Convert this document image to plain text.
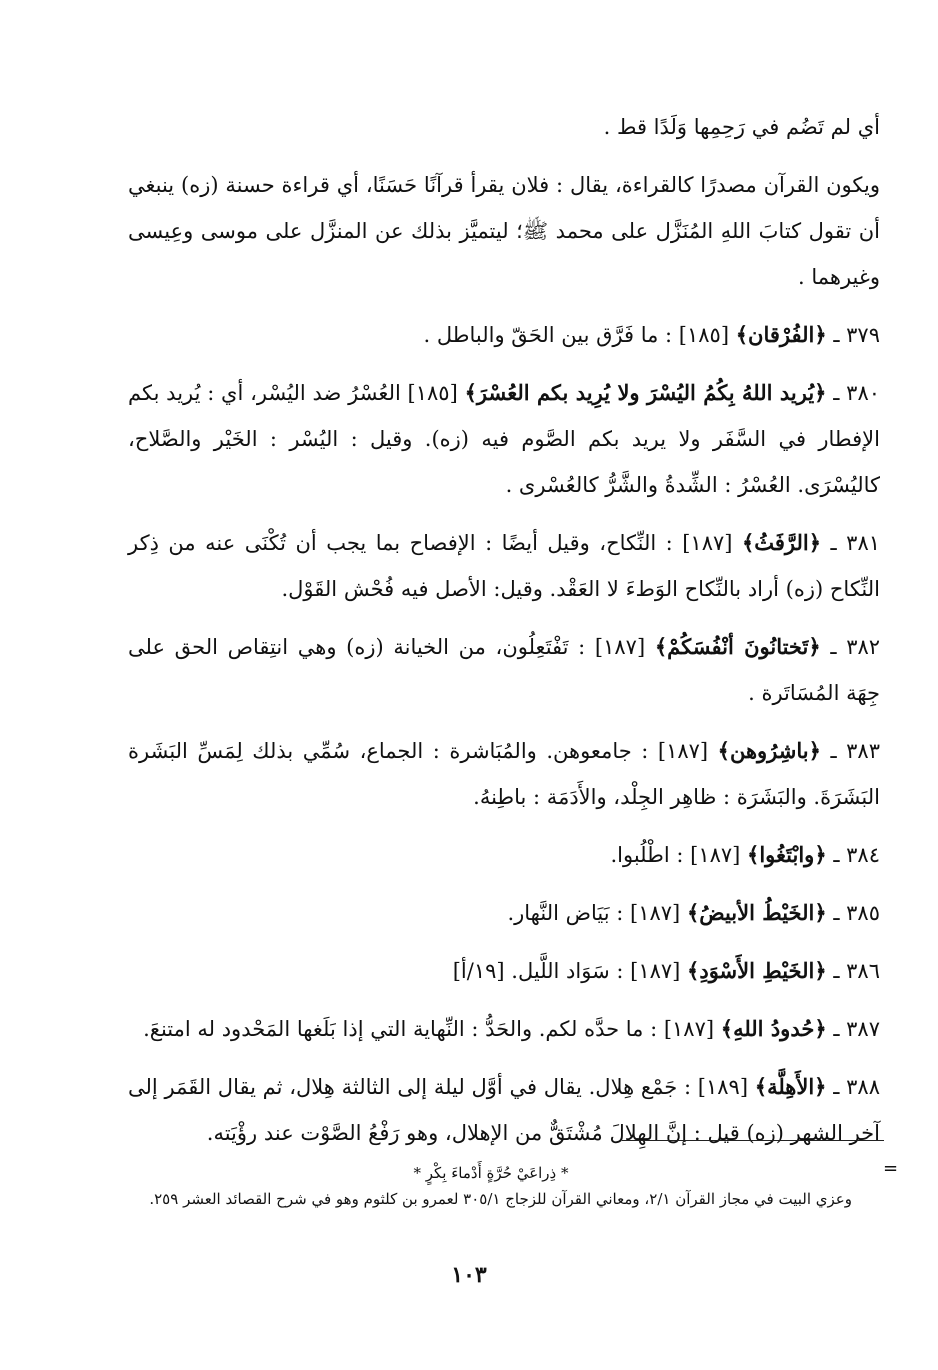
أي لم تَضُم في رَحِمِها وَلَدًا قط .

ويكون القرآن مصدرًا كالقراءة، يقال : فلان يقرأ قرآنًا حَسَنًا، أي قراءة حسنة (زه) ينبغي أن تقول كتابَ اللهِ المُنَزَّل على محمد ﷺ؛ ليتميَّز بذلك عن المنزَّل على موسى وعِيسى وغيرهما .

٣٧٩ ـ ﴿الفُرْقان﴾ [١٨٥] : ما فَرَّق بين الحَقّ والباطل .

٣٨٠ ـ ﴿يُريد اللهُ بِكُمُ اليُسْرَ ولا يُرِيد بكم العُسْرَ﴾ [١٨٥] العُسْرُ ضد اليُسْر، أي : يُريد بكم الإفطار في السَّفَر ولا يريد بكم الصَّوم فيه (زه). وقيل : اليُسْر : الخَيْر والصَّلاح، كاليُسْرَى. العُسْرُ : الشِّدةُ والشَّرُّ كالعُسْرى .

٣٨١ ـ ﴿الرَّفَثُ﴾ [١٨٧] : النِّكاح، وقيل أيضًا : الإفصاح بما يجب أن تُكْنَى عنه من ذِكر النِّكاح (زه) أراد بالنِّكاح الوَطءَ لا العَقْد. وقيل: الأصل فيه فُحْش القَوْل.

٣٨٢ ـ ﴿تَختانُونَ أنْفُسَكُمْ﴾ [١٨٧] : تَفْتَعِلُون، من الخيانة (زه) وهي انتِقاص الحق على جِهَة المُسَاتَرة .

٣٨٣ ـ ﴿باشِرُوهن﴾ [١٨٧] : جامعوهن. والمُبَاشرة : الجماع، سُمِّي بذلك لِمَسِّ البَشَرة البَشَرَةَ. والبَشَرَة : ظاهِر الجِلْد، والأَدَمَة : باطِنهُ.

٣٨٤ ـ ﴿وابْتَغُوا﴾ [١٨٧] : اطْلُبوا.

٣٨٥ ـ ﴿الخَيْطُ الأبيضُ﴾ [١٨٧] : بَيَاض النَّهار.

٣٨٦ ـ ﴿الخَيْطِ الأَسْوَدِ﴾ [١٨٧] : سَوَاد اللَّيل. [١٩/أ]

٣٨٧ ـ ﴿حُدودُ اللهِ﴾ [١٨٧] : ما حدَّه لكم. والحَدُّ : النِّهاية التي إذا بَلَغها المَحْدود له امتنعَ.

٣٨٨ ـ ﴿الأَهِلَّة﴾ [١٨٩] : جَمْع هِلال. يقال في أوَّل ليلة إلى الثالثة هِلال، ثم يقال القَمَر إلى آخر الشهر (زه) قيل : إنَّ الهِلالَ مُشْتَقٌّ من الإهلال، وهو رَفْعُ الصَّوْت عند رؤْيَته.

=
* ذِراعَيْ حُرَّةٍ أَدْماءَ بِكْرٍ *
وعزي البيت في مجاز القرآن ٢/١، ومعاني القرآن للزجاج ٣٠٥/١ لعمرو بن كلثوم وهو في شرح القصائد العشر ٢٥٩.
١٠٣
